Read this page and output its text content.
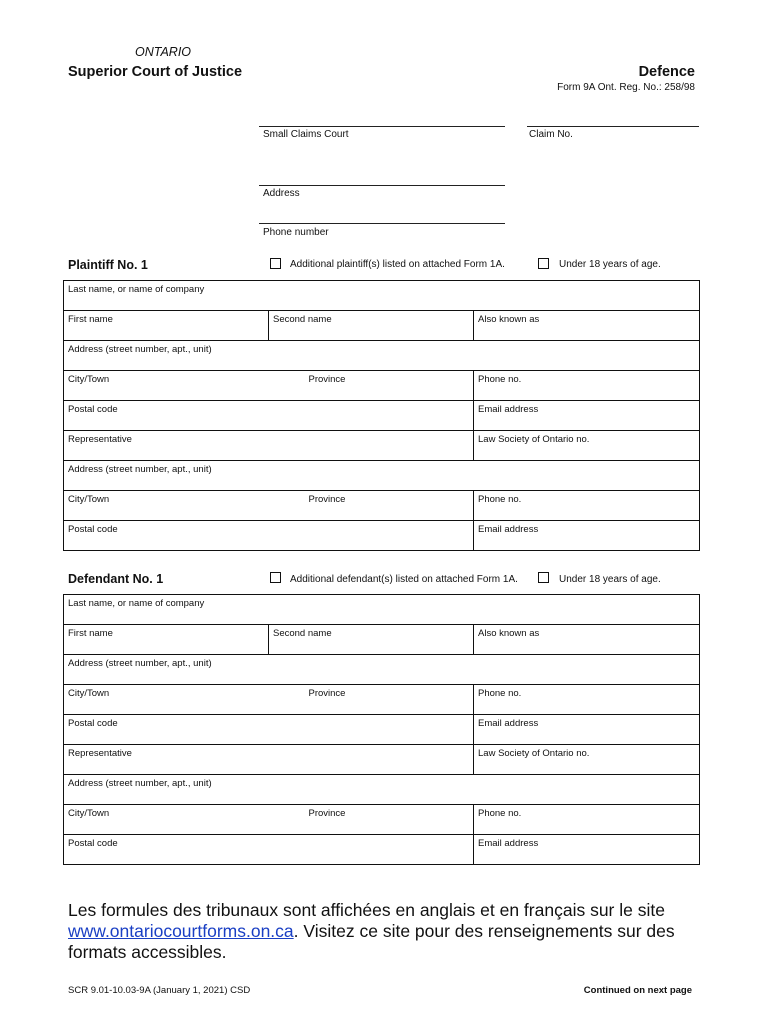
ONTARIO
Superior Court of Justice	Defence
Form 9A Ont. Reg. No.: 258/98
Small Claims Court	Claim No.
Address
Phone number
Plaintiff No. 1	Additional plaintiff(s) listed on attached Form 1A.	Under 18 years of age.
Last name, or name of company		

First name	Second name	Also known as

Address (street number, apt., unit)		

City/Town	Province	Phone no.

Postal code		Email address

Representative		Law Society of Ontario no.

Address (street number, apt., unit)		

City/Town	Province	Phone no.

Postal code		Email address
Defendant No. 1	Additional defendant(s) listed on attached Form 1A.	Under 18 years of age.
Last name, or name of company		

First name	Second name	Also known as

Address (street number, apt., unit)		

City/Town	Province	Phone no.

Postal code		Email address

Representative		Law Society of Ontario no.

Address (street number, apt., unit)		

City/Town	Province	Phone no.

Postal code		Email address
Les formules des tribunaux sont affichées en anglais et en français sur le site www.ontariocourtforms.on.ca. Visitez ce site pour des renseignements sur des formats accessibles.
SCR 9.01-10.03-9A (January 1, 2021) CSD	Continued on next page
